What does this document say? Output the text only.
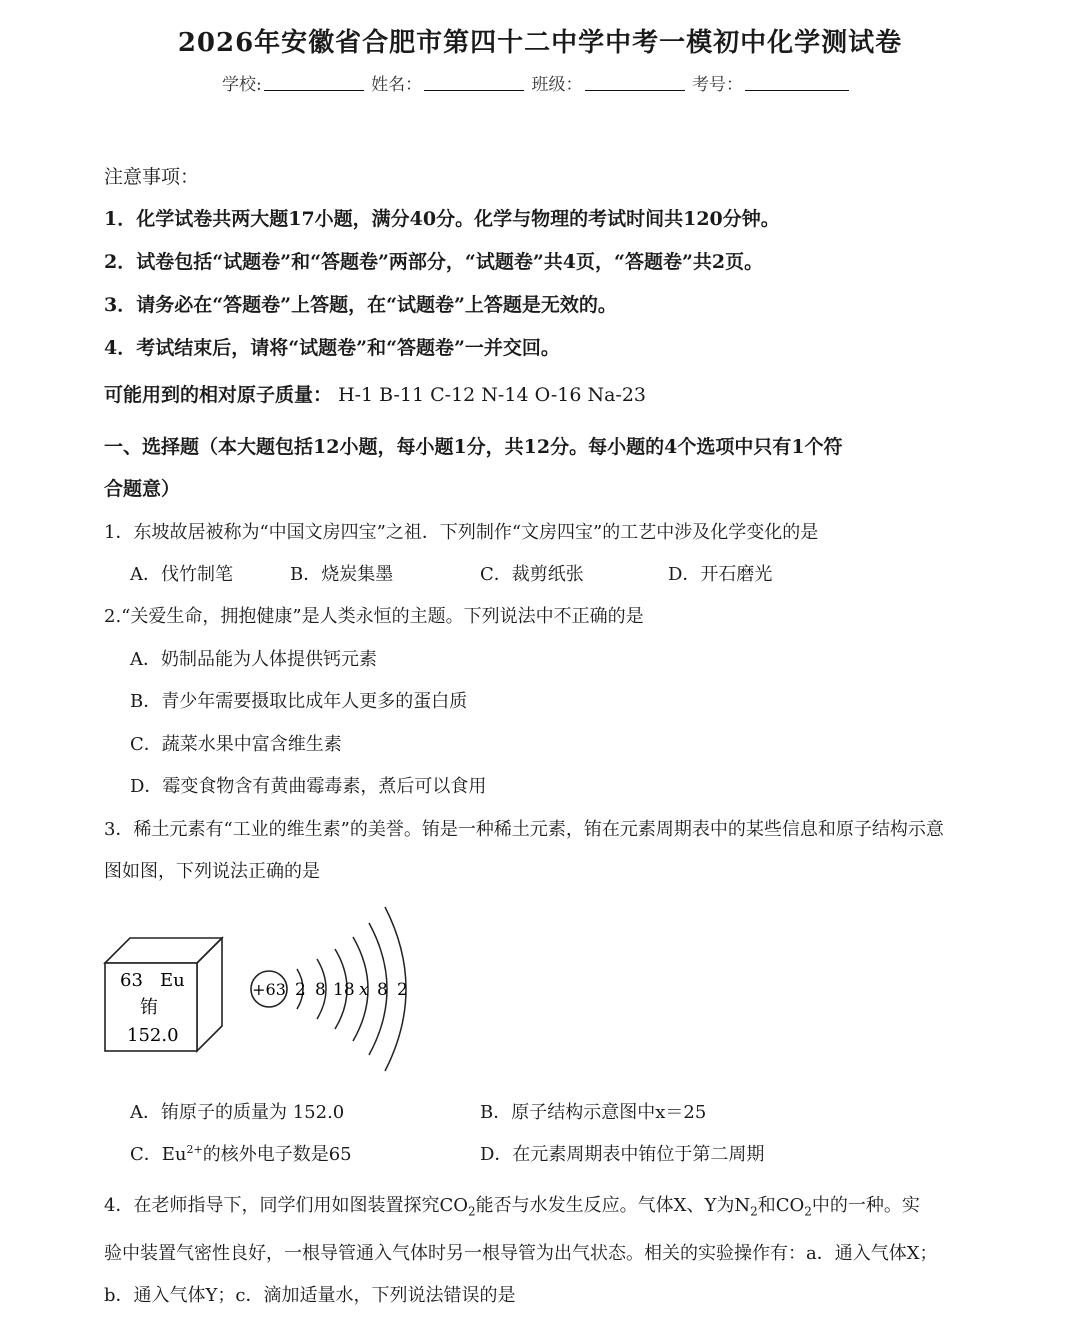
2026年安徽省合肥市第四十二中学中考一模初中化学测试卷
学校:	姓名：	班级：	考号：
注意事项：
1．化学试卷共两大题17小题，满分40分。化学与物理的考试时间共120分钟。
2．试卷包括“试题卷”和“答题卷”两部分，“试题卷”共4页，“答题卷”共2页。
3．请务必在“答题卷”上答题，在“试题卷”上答题是无效的。
4．考试结束后，请将“试题卷”和“答题卷”一并交回。
可能用到的相对原子质量： H-1 B-11 C-12 N-14 O-16 Na-23
一、选择题（本大题包括12小题，每小题1分，共12分。每小题的4个选项中只有1个符
合题意）
1．东坡故居被称为“中国文房四宝”之祖．下列制作“文房四宝”的工艺中涉及化学变化的是
A．伐竹制笔	B．烧炭集墨	C．裁剪纸张	D．开石磨光
2.“关爱生命，拥抱健康”是人类永恒的主题。下列说法中不正确的是
A．奶制品能为人体提供钙元素
B．青少年需要摄取比成年人更多的蛋白质
C．蔬菜水果中富含维生素
D．霉变食物含有黄曲霉毒素，煮后可以食用
3．稀土元素有“工业的维生素”的美誉。铕是一种稀土元素，铕在元素周期表中的某些信息和原子结构示意
图如图，下列说法正确的是
63 Eu
铕
152.0
+63 2 8 18 x 8 2
A．铕原子的质量为 152.0	B．原子结构示意图中x＝25
C．$Eu^{2+}$的核外电子数是65	D．在元素周期表中铕位于第二周期
4．在老师指导下，同学们用如图装置探究$CO_2$能否与水发生反应。气体X、Y为$N_2$和$CO_2$中的一种。实
验中装置气密性良好，一根导管通入气体时另一根导管为出气状态。相关的实验操作有：a．通入气体X；
b．通入气体Y；c．滴加适量水，下列说法错误的是
